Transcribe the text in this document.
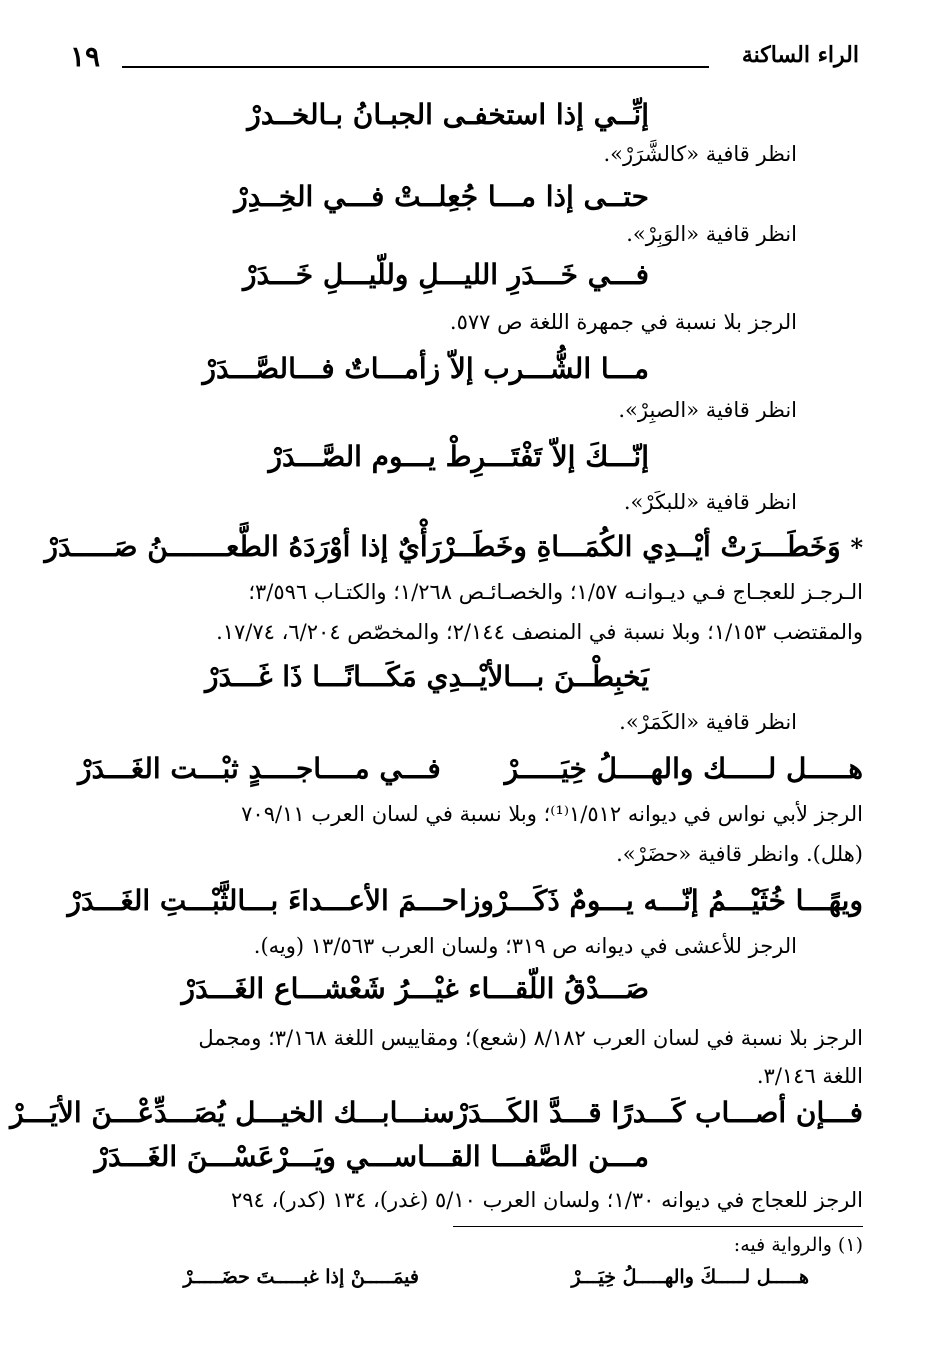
الراء الساكنة
١٩
إنِّــي إذا استخفـى الجبـانُ بـالخــدرْ
انظر قافية «كالشَّرَرْ».
حتــى إذا مـــا جُعِلــتْ فـــي الخِــدِرْ
انظر قافية «الوَبِرْ».
فـــي خَـــدَرِ الليـــلِ وللّيـــلِ خَـــدَرْ
الرجز بلا نسبة في جمهرة اللغة ص ٥٧٧.
مـــا الشُّـــرب إلاّ زأمـــاتٌ فـــالصَّـــدَرْ
انظر قافية «الصبِرْ».
إنّـــكَ إلاّ تَفْتَـــرِطْ يـــوم الصَّـــدَرْ
انظر قافية «للبكَرْ».
* وَخَطَـــرَتْ أيْــدِي الكُمَـــاةِ وخَطَــرْ
رَأْيٌ إذا أوْرَدَهُ الطَّعـــــــنُ صَـــــدَرْ
الـرجـز للعجـاج فـي ديـوانـه ١/٥٧؛ والخصـائـص ١/٢٦٨؛ والكتـاب ٣/٥٩٦؛
والمقتضب ١/١٥٣؛ وبلا نسبة في المنصف ٢/١٤٤؛ والمخصّص ٦/٢٠٤، ١٧/٧٤.
يَخبِطْــنَ بـــالأيْــدِي مَكَـــانًـــا ذَا غَـــدَرْ
انظر قافية «الكَمَرْ».
هـــــل لـــــك والهــــلُ خِيَـــــرْ
فـــي مــــاجــــدٍ ثبْـــت الغَـــدَرْ
الرجز لأبي نواس في ديوانه ١/٥١٢⁽¹⁾؛ وبلا نسبة في لسان العرب ٧٠٩/١١
(هلل). وانظر قافية «حضَرْ».
ويهًـــا خُثَيْـــمُ إنّـــه يـــومٌ ذَكَـــرْ
وزاحـــمَ الأعـــداءَ بـــالثَّبْـــتِ الغَـــدَرْ
الرجز للأعشى في ديوانه ص ٣١٩؛ ولسان العرب ١٣/٥٦٣ (ويه).
صَـــدْقُ اللّقـــاء غيْـــرُ شَعْشـــاع الغَـــدَرْ
الرجز بلا نسبة في لسان العرب ٨/١٨٢ (شعع)؛ ومقاييس اللغة ٣/١٦٨؛ ومجمل
اللغة ٣/١٤٦.
فـــإن أصـــاب كَـــدرًا قـــدَّ الكَـــدَرْ
سنـــابـــك الخيـــل يُصَـــدِّعْـــنَ الأيَـــرْ
مـــن الصَّفـــا القـــاســـي ويَـــرْعَسْـــنَ الغَـــدَرْ
الرجز للعجاج في ديوانه ١/٣٠؛ ولسان العرب ٥/١٠ (غدر)، ١٣٤ (كدر)، ٢٩٤
(١) والرواية فيه:
هـــــل لـــــكَ والهـــــلُ خِيَـــرْ
فيمَـــــنْ إذا غبـــــتَ حضَـــــرْ
